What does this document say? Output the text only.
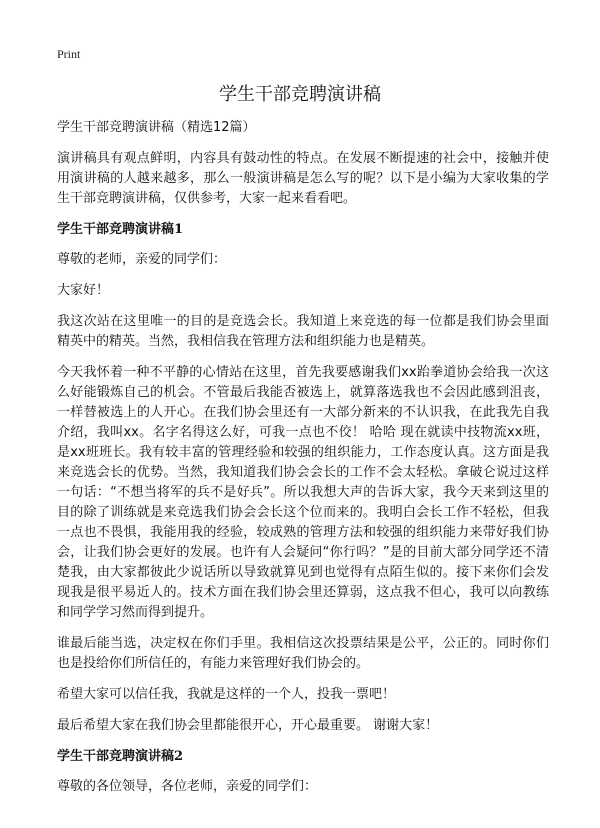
Print
学生干部竞聘演讲稿

学生干部竞聘演讲稿（精选12篇）

演讲稿具有观点鲜明，内容具有鼓动性的特点。在发展不断提速的社会中，接触并使用演讲稿的人越来越多，那么一般演讲稿是怎么写的呢？以下是小编为大家收集的学生干部竞聘演讲稿，仅供参考，大家一起来看看吧。

学生干部竞聘演讲稿1

尊敬的老师，亲爱的同学们：

大家好！

我这次站在这里唯一的目的是竞选会长。我知道上来竞选的每一位都是我们协会里面精英中的精英。当然，我相信我在管理方法和组织能力也是精英。

今天我怀着一种不平静的心情站在这里，首先我要感谢我们xx跆拳道协会给我一次这么好能锻炼自己的机会。不管最后我能否被选上，就算落选我也不会因此感到沮丧，一样替被选上的人开心。在我们协会里还有一大部分新来的不认识我，在此我先自我介绍，我叫xx。名字名得这么好，可我一点也不佼！ 哈哈 现在就读中技物流xx班，是xx班班长。我有较丰富的管理经验和较强的组织能力，工作态度认真。这方面是我来竞选会长的优势。当然，我知道我们协会会长的工作不会太轻松。拿破仑说过这样一句话：“不想当将军的兵不是好兵”。所以我想大声的告诉大家，我今天来到这里的目的除了训练就是来竞选我们协会会长这个位而来的。我明白会长工作不轻松，但我一点也不畏惧，我能用我的经验，较成熟的管理方法和较强的组织能力来带好我们协会，让我们协会更好的发展。也许有人会疑问“你行吗？”是的目前大部分同学还不清楚我，由大家都彼此少说话所以导致就算见到也觉得有点陌生似的。接下来你们会发现我是很平易近人的。技术方面在我们协会里还算弱，这点我不但心，我可以向教练和同学学习然而得到提升。

谁最后能当选，决定权在你们手里。我相信这次投票结果是公平，公正的。同时你们也是投给你们所信任的，有能力来管理好我们协会的。

希望大家可以信任我，我就是这样的一个人，投我一票吧！

最后希望大家在我们协会里都能很开心，开心最重要。 谢谢大家！

学生干部竞聘演讲稿2

尊敬的各位领导，各位老师，亲爱的同学们：
